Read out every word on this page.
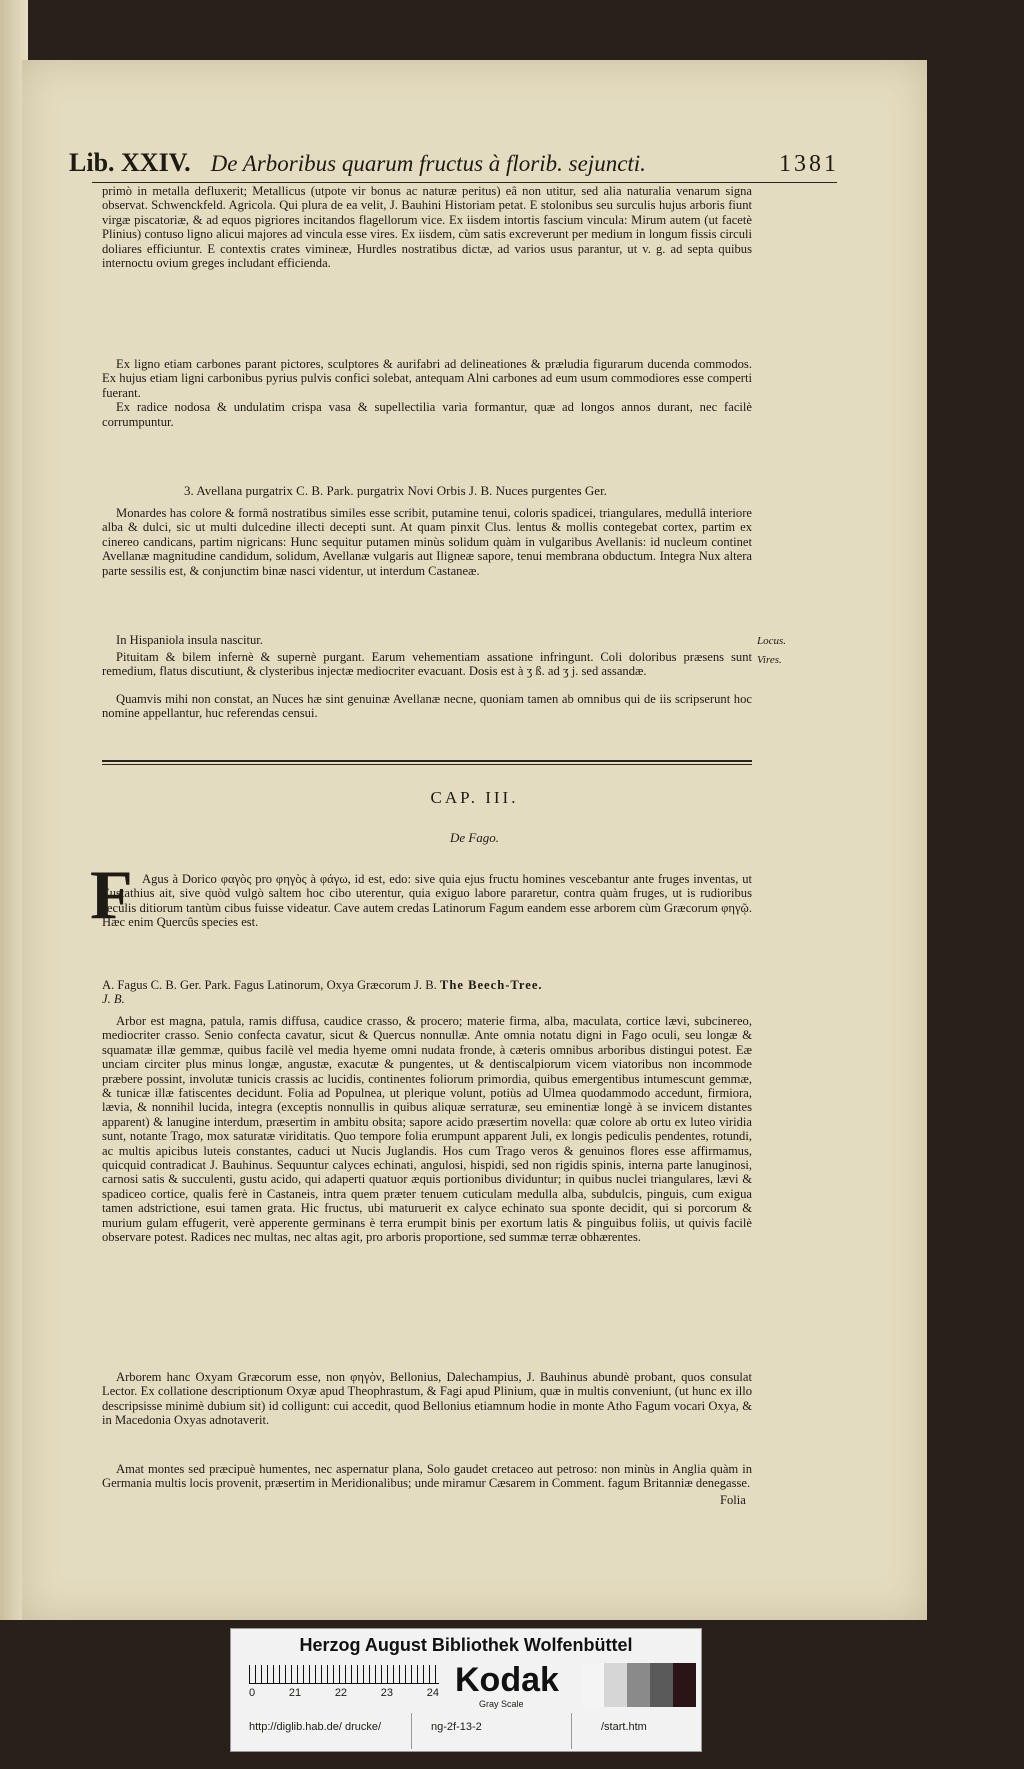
Lib. XXIV. De Arboribus quarum fructus à florib. sejuncti.	1381
primò in metalla defluxerit; Metallicus (utpote vir bonus ac naturæ peritus) eâ non utitur, sed alia naturalia venarum signa observat. Schwenckfeld. Agricola. Qui plura de ea velit, J. Bauhini Historiam petat. E stolonibus seu surculis hujus arboris fiunt virgæ piscatoriæ, & ad equos pigriores incitandos flagellorum vice. Ex iisdem intortis fascium vincula: Mirum autem (ut facetè Plinius) contuso ligno alicui majores ad vincula esse vires. Ex iisdem, cùm satis excreverunt per medium in longum fissis circuli doliares efficiuntur. E contextis crates vimineæ, Hurdles nostratibus dictæ, ad varios usus parantur, ut v. g. ad septa quibus internoctu ovium greges includant efficienda.
Ex ligno etiam carbones parant pictores, sculptores & aurifabri ad delineationes & præludia figurarum ducenda commodos. Ex hujus etiam ligni carbonibus pyrius pulvis confici solebat, antequam Alni carbones ad eum usum commodiores esse comperti fuerant.
Ex radice nodosa & undulatim crispa vasa & supellectilia varia formantur, quæ ad longos annos durant, nec facilè corrumpuntur.
3. Avellana purgatrix C. B. Park. purgatrix Novi Orbis J. B. Nuces purgentes Ger.
Monardes has colore & formâ nostratibus similes esse scribit, putamine tenui, coloris spadicei, triangulares, medullâ interiore alba & dulci, sic ut multi dulcedine illecti decepti sunt. At quam pinxit Clus. lentus & mollis contegebat cortex, partim ex cinereo candicans, partim nigricans: Hunc sequitur putamen minùs solidum quàm in vulgaribus Avellanis: id nucleum continet Avellanæ magnitudine candidum, solidum, Avellanæ vulgaris aut Iligneæ sapore, tenui membrana obductum. Integra Nux altera parte sessilis est, & conjunctim binæ nasci videntur, ut interdum Castaneæ.
In Hispaniola insula nascitur.	Locus.
Pituitam & bilem infernè & supernè purgant. Earum vehementiam assatione infringunt. Coli doloribus præsens sunt remedium, flatus discutiunt, & clysteribus injectæ mediocriter evacuant. Dosis est à ʒ ß. ad ʒ j. sed assandæ.
Vires.
Quamvis mihi non constat, an Nuces hæ sint genuinæ Avellanæ necne, quoniam tamen ab omnibus qui de iis scripserunt hoc nomine appellantur, huc referendas censui.
CAP. III.
De Fago.
F Agus à Dorico φαγὸς pro φηγὸς à φάγω, id est, edo: sive quia ejus fructu homines vescebantur ante fruges inventas, ut Eustathius ait, sive quòd vulgò saltem hoc cibo uterentur, quia exiguo labore pararetur, contra quàm fruges, ut is rudioribus seculis ditiorum tantùm cibus fuisse videatur. Cave autem credas Latinorum Fagum eandem esse arborem cùm Græcorum φηγῷ. Hæc enim Quercûs species est.
A. Fagus C. B. Ger. Park. Fagus Latinorum, Oxya Græcorum J. B. The Beech-Tree.
J. B.
Arbor est magna, patula, ramis diffusa, caudice crasso, & procero; materie firma, alba, maculata, cortice lævi, subcinereo, mediocriter crasso. Senio confecta cavatur, sicut & Quercus nonnullæ. Ante omnia notatu digni in Fago oculi, seu longæ & squamatæ illæ gemmæ, quibus facilè vel media hyeme omni nudata fronde, à cæteris omnibus arboribus distingui potest. Eæ unciam circiter plus minus longæ, angustæ, exacutæ & pungentes, ut & dentiscalpiorum vicem viatoribus non incommode præbere possint, involutæ tunicis crassis ac lucidis, continentes foliorum primordia, quibus emergentibus intumescunt gemmæ, & tunicæ illæ fatiscentes decidunt. Folia ad Populnea, ut plerique volunt, potiùs ad Ulmea quodammodo accedunt, firmiora, lævia, & nonnihil lucida, integra (exceptis nonnullis in quibus aliquæ serraturæ, seu eminentiæ longè à se invicem distantes apparent) & lanugine interdum, præsertim in ambitu obsita; sapore acido præsertim novella: quæ colore ab ortu ex luteo viridia sunt, notante Trago, mox saturatæ viriditatis. Quo tempore folia erumpunt apparent Juli, ex longis pediculis pendentes, rotundi, ac multis apicibus luteis constantes, caduci ut Nucis Juglandis. Hos cum Trago veros & genuinos flores esse affirmamus, quicquid contradicat J. Bauhinus. Sequuntur calyces echinati, angulosi, hispidi, sed non rigidis spinis, interna parte lanuginosi, carnosi satis & succulenti, gustu acido, qui adaperti quatuor æquis portionibus dividuntur; in quibus nuclei triangulares, lævi & spadiceo cortice, qualis ferè in Castaneis, intra quem præter tenuem cuticulam medulla alba, subdulcis, pinguis, cum exigua tamen adstrictione, esui tamen grata. Hic fructus, ubi maturuerit ex calyce echinato sua sponte decidit, qui si porcorum & murium gulam effugerit, verè apperente germinans è terra erumpit binis per exortum latis & pinguibus foliis, ut quivis facilè observare potest. Radices nec multas, nec altas agit, pro arboris proportione, sed summæ terræ obhærentes.
Arborem hanc Oxyam Græcorum esse, non φηγὸν, Bellonius, Dalechampius, J. Bauhinus abundè probant, quos consulat Lector. Ex collatione descriptionum Oxyæ apud Theophrastum, & Fagi apud Plinium, quæ in multis conveniunt, (ut hunc ex illo descripsisse minimè dubium sit) id colligunt: cui accedit, quod Bellonius etiamnum hodie in monte Atho Fagum vocari Oxya, & in Macedonia Oxyas adnotaverit.
Amat montes sed præcipuè humentes, nec aspernatur plana, Solo gaudet cretaceo aut petroso: non minùs in Anglia quàm in Germania multis locis provenit, præsertim in Meridionalibus; unde miramur Cæsarem in Comment. fagum Britanniæ denegasse.
Folia
Herzog August Bibliothek Wolfenbüttel
0	21	22	23	24 Kodak
Gray Scale
http://diglib.hab.de/ drucke/	ng-2f-13-2	/start.htm
